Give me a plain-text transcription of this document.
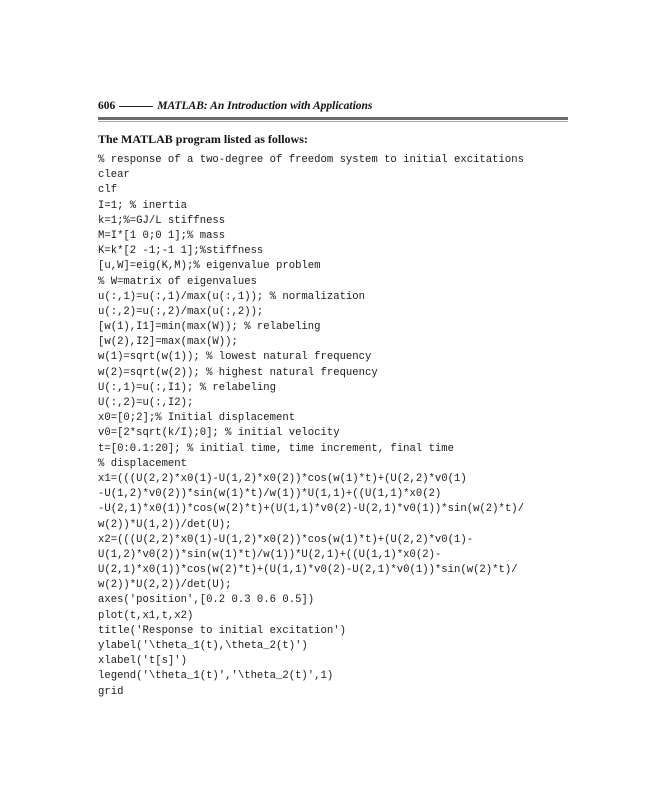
606	MATLAB: An Introduction with Applications
The MATLAB program listed as follows:
% response of a two-degree of freedom system to initial excitations
clear
clf
I=1; % inertia
k=1;%=GJ/L stiffness
M=I*[1 0;0 1];% mass
K=k*[2 -1;-1 1];%stiffness
[u,W]=eig(K,M);% eigenvalue problem
% W=matrix of eigenvalues
u(:,1)=u(:,1)/max(u(:,1)); % normalization
u(:,2)=u(:,2)/max(u(:,2));
[w(1),I1]=min(max(W)); % relabeling
[w(2),I2]=max(max(W));
w(1)=sqrt(w(1)); % lowest natural frequency
w(2)=sqrt(w(2)); % highest natural frequency
U(:,1)=u(:,I1); % relabeling
U(:,2)=u(:,I2);
x0=[0;2];% Initial displacement
v0=[2*sqrt(k/I);0]; % initial velocity
t=[0:0.1:20]; % initial time, time increment, final time
% displacement
x1=(((U(2,2)*x0(1)-U(1,2)*x0(2))*cos(w(1)*t)+(U(2,2)*v0(1)
-U(1,2)*v0(2))*sin(w(1)*t)/w(1))*U(1,1)+((U(1,1)*x0(2)
-U(2,1)*x0(1))*cos(w(2)*t)+(U(1,1)*v0(2)-U(2,1)*v0(1))*sin(w(2)*t)/
w(2))*U(1,2))/det(U);
x2=(((U(2,2)*x0(1)-U(1,2)*x0(2))*cos(w(1)*t)+(U(2,2)*v0(1)-
U(1,2)*v0(2))*sin(w(1)*t)/w(1))*U(2,1)+((U(1,1)*x0(2)-
U(2,1)*x0(1))*cos(w(2)*t)+(U(1,1)*v0(2)-U(2,1)*v0(1))*sin(w(2)*t)/
w(2))*U(2,2))/det(U);
axes('position',[0.2 0.3 0.6 0.5])
plot(t,x1,t,x2)
title('Response to initial excitation')
ylabel('\theta_1(t),\theta_2(t)')
xlabel('t[s]')
legend('\theta_1(t)','\theta_2(t)',1)
grid
